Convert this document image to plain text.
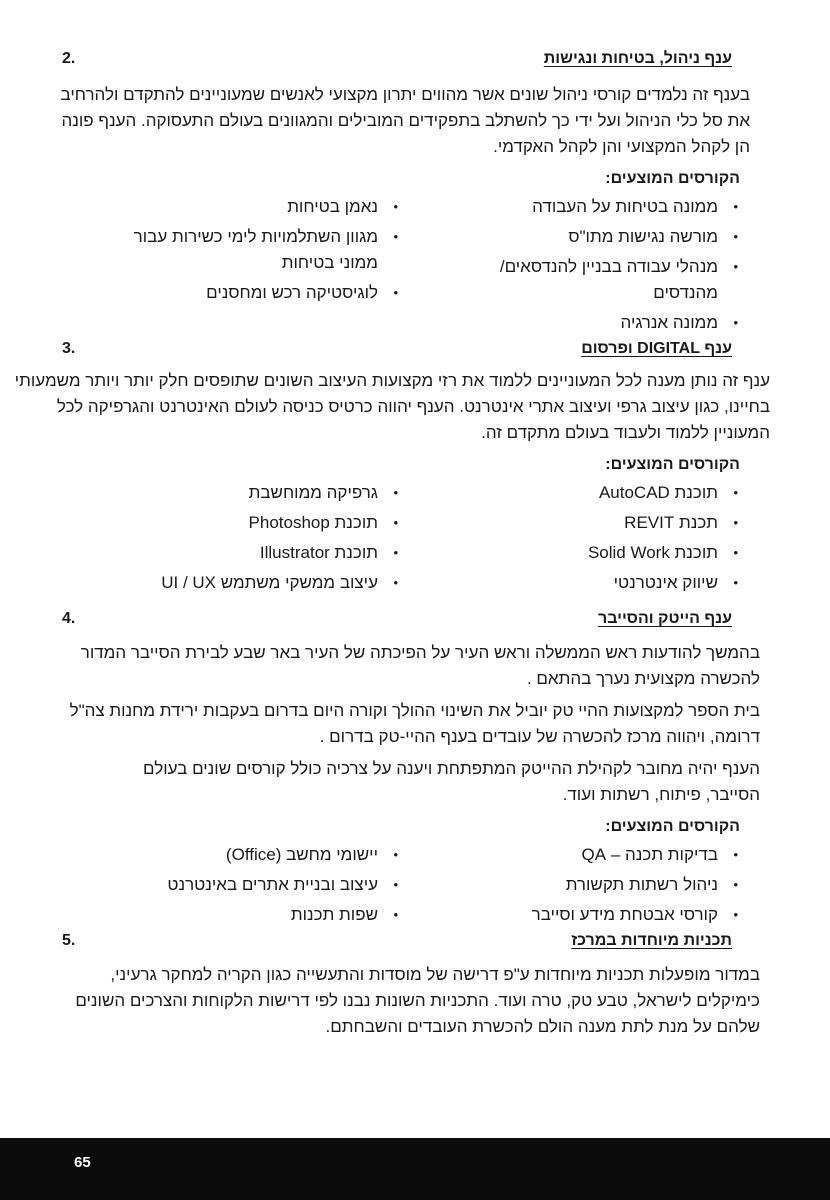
ענף ניהול, בטיחות ונגישות
2.

בענף זה נלמדים קורסי ניהול שונים אשר מהווים יתרון מקצועי לאנשים שמעוניינים להתקדם ולהרחיב את סל כלי הניהול ועל ידי כך להשתלב בתפקידים המובילים והמגוונים בעולם התעסוקה. הענף פונה הן לקהל המקצועי והן לקהל האקדמי.

הקורסים המוצעים:
• ממונה בטיחות על העבודה
• מורשה נגישות מתו"ס
• מנהלי עבודה בבניין להנדסאים/ מהנדסים
• ממונה אנרגיה
• נאמן בטיחות
• מגוון השתלמויות לימי כשירות עבור ממוני בטיחות
• לוגיסטיקה רכש ומחסנים
ענף DIGITAL ופרסום
3.

ענף זה נותן מענה לכל המעוניינים ללמוד את רזי מקצועות העיצוב השונים שתופסים חלק יותר ויותר משמעותי בחיינו, כגון עיצוב גרפי ועיצוב אתרי אינטרנט. הענף יהווה כרטיס כניסה לעולם האינטרנט והגרפיקה לכל המעוניין ללמוד ולעבוד בעולם מתקדם זה.

הקורסים המוצעים:
• תוכנת AutoCAD
• תכנת REVIT
• תוכנת Solid Work
• שיווק אינטרנטי
• גרפיקה ממוחשבת
• תוכנת Photoshop
• תוכנת Illustrator
• עיצוב ממשקי משתמש UI / UX
ענף הייטק והסייבר
4.

בהמשך להודעות ראש הממשלה וראש העיר על הפיכתה של העיר באר שבע לבירת הסייבר המדור להכשרה מקצועית נערך בהתאם .

בית הספר למקצועות ההיי טק יוביל את השינוי ההולך וקורה היום בדרום בעקבות ירידת מחנות צה"ל דרומה, ויהווה מרכז להכשרה של עובדים בענף ההיי-טק בדרום .

הענף יהיה מחובר לקהילת ההייטק המתפתחת ויענה על צרכיה כולל קורסים שונים בעולם הסייבר, פיתוח, רשתות ועוד.

הקורסים המוצעים:
• בדיקות תכנה – QA
• ניהול רשתות תקשורת
• קורסי אבטחת מידע וסייבר
• יישומי מחשב (Office)
• עיצוב ובניית אתרים באינטרנט
• שפות תכנות
תכניות מיוחדות במרכז
5.

במדור מופעלות תכניות מיוחדות ע"פ דרישה של מוסדות והתעשייה כגון הקריה למחקר גרעיני, כימיקלים לישראל, טבע טק, טרה ועוד. התכניות השונות נבנו לפי דרישות הלקוחות והצרכים השונים שלהם על מנת לתת מענה הולם להכשרת העובדים והשבחתם.

65
